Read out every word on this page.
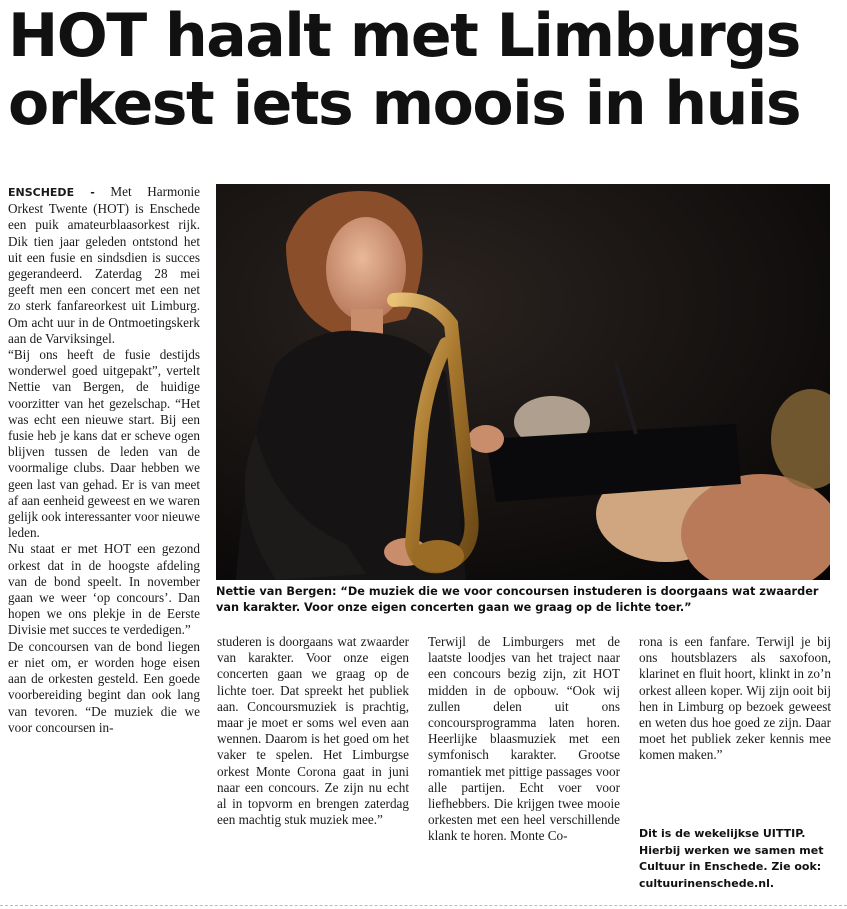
HOT haalt met Limburgs orkest iets moois in huis

ENSCHEDE - Met Harmonie Orkest Twente (HOT) is Enschede een puik amateurblaasorkest rijk. Dik tien jaar geleden ontstond het uit een fusie en sindsdien is succes gegerandeerd. Zaterdag 28 mei geeft men een concert met een net zo sterk fanfareorkest uit Limburg. Om acht uur in de Ontmoetingskerk aan de Varviksingel.

“Bij ons heeft de fusie destijds wonderwel goed uitgepakt”, vertelt Nettie van Bergen, de huidige voorzitter van het gezelschap. “Het was echt een nieuwe start. Bij een fusie heb je kans dat er scheve ogen blijven tussen de leden van de voormalige clubs. Daar hebben we geen last van gehad. Er is van meet af aan eenheid geweest en we waren gelijk ook interessanter voor nieuwe leden.

Nu staat er met HOT een gezond orkest dat in de hoogste afdeling van de bond speelt. In november gaan we weer ‘op concours’. Dan hopen we ons plekje in de Eerste Divisie met succes te verdedigen.”

De concoursen van de bond liegen er niet om, er worden hoge eisen aan de orkesten gesteld. Een goede voorbereiding begint dan ook lang van tevoren. “De muziek die we voor concoursen in-

Nettie van Bergen: “De muziek die we voor concoursen instuderen is doorgaans wat zwaarder van karakter. Voor onze eigen concerten gaan we graag op de lichte toer.”

studeren is doorgaans wat zwaarder van karakter. Voor onze eigen concerten gaan we graag op de lichte toer. Dat spreekt het publiek aan. Concoursmuziek is prachtig, maar je moet er soms wel even aan wennen. Daarom is het goed om het vaker te spelen. Het Limburgse orkest Monte Corona gaat in juni naar een concours. Ze zijn nu echt al in topvorm en brengen zaterdag een machtig stuk muziek mee.”

Terwijl de Limburgers met de laatste loodjes van het traject naar een concours bezig zijn, zit HOT midden in de opbouw. “Ook wij zullen delen uit ons concoursprogramma laten horen. Heerlijke blaasmuziek met een symfonisch karakter. Grootse romantiek met pittige passages voor alle partijen. Echt voer voor liefhebbers. Die krijgen twee mooie orkesten met een heel verschillende klank te horen. Monte Co-

rona is een fanfare. Terwijl je bij ons houtsblazers als saxofoon, klarinet en fluit hoort, klinkt in zo’n orkest alleen koper. Wij zijn ooit bij hen in Limburg op bezoek geweest en weten dus hoe goed ze zijn. Daar moet het publiek zeker kennis mee komen maken.”

Dit is de wekelijkse UITTIP. Hierbij werken we samen met Cultuur in Enschede. Zie ook: cultuurinenschede.nl.
